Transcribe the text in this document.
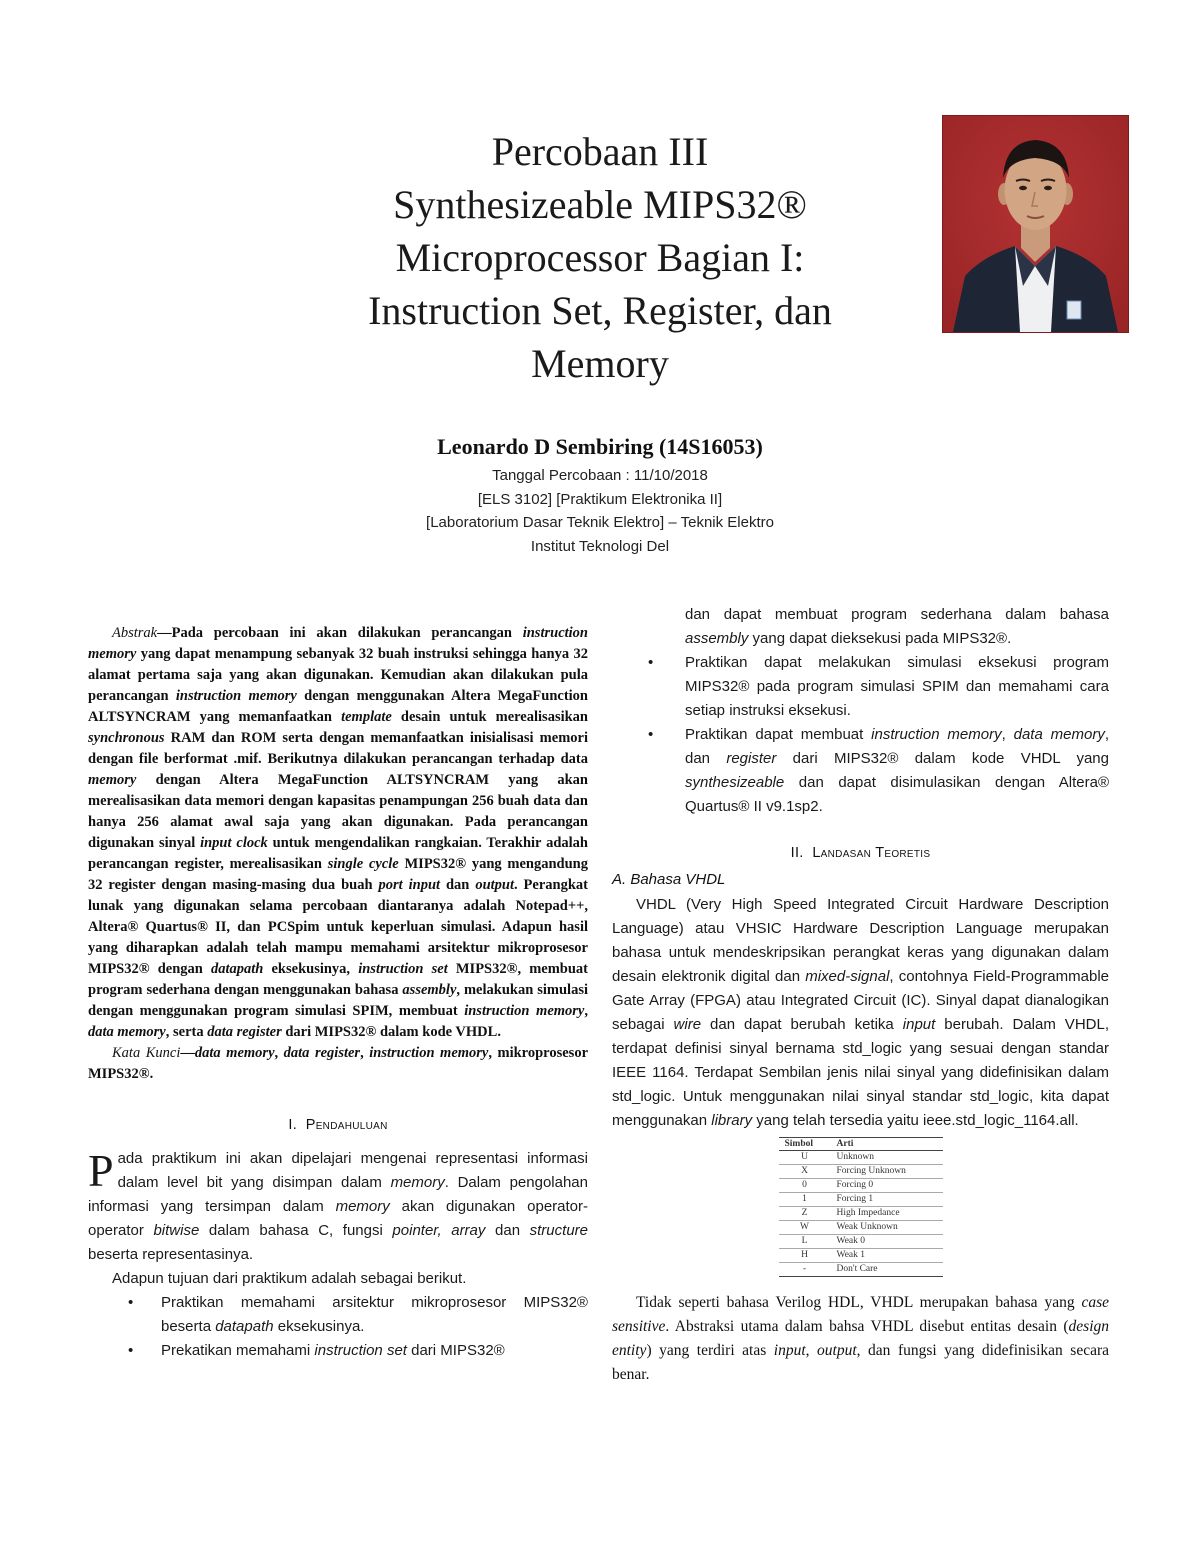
Percobaan III
Synthesizeable MIPS32®
Microprocessor Bagian I:
Instruction Set, Register, dan
Memory
Leonardo D Sembiring (14S16053)
Tanggal Percobaan : 11/10/2018
[ELS 3102] [Praktikum Elektronika II]
[Laboratorium Dasar Teknik Elektro] – Teknik Elektro
Institut Teknologi Del

Abstrak—Pada percobaan ini akan dilakukan perancangan instruction memory yang dapat menampung sebanyak 32 buah instruksi sehingga hanya 32 alamat pertama saja yang akan digunakan. Kemudian akan dilakukan pula perancangan instruction memory dengan menggunakan Altera MegaFunction ALTSYNCRAM yang memanfaatkan template desain untuk merealisasikan synchronous RAM dan ROM serta dengan memanfaatkan inisialisasi memori dengan file berformat .mif. Berikutnya dilakukan perancangan terhadap data memory dengan Altera MegaFunction ALTSYNCRAM yang akan merealisasikan data memori dengan kapasitas penampungan 256 buah data dan hanya 256 alamat awal saja yang akan digunakan. Pada perancangan digunakan sinyal input clock untuk mengendalikan rangkaian. Terakhir adalah perancangan register, merealisasikan single cycle MIPS32® yang mengandung 32 register dengan masing-masing dua buah port input dan output. Perangkat lunak yang digunakan selama percobaan diantaranya adalah Notepad++, Altera® Quartus® II, dan PCSpim untuk keperluan simulasi. Adapun hasil yang diharapkan adalah telah mampu memahami arsitektur mikroprosesor MIPS32® dengan datapath eksekusinya, instruction set MIPS32®, membuat program sederhana dengan menggunakan bahasa assembly, melakukan simulasi dengan menggunakan program simulasi SPIM, membuat instruction memory, data memory, serta data register dari MIPS32® dalam kode VHDL.

Kata Kunci—data memory, data register, instruction memory, mikroprosesor MIPS32®.

I. Pendahuluan

Pada praktikum ini akan dipelajari mengenai representasi informasi dalam level bit yang disimpan dalam memory. Dalam pengolahan informasi yang tersimpan dalam memory akan digunakan operator-operator bitwise dalam bahasa C, fungsi pointer, array dan structure beserta representasinya.

Adapun tujuan dari praktikum adalah sebagai berikut.

• Praktikan memahami arsitektur mikroprosesor MIPS32® beserta datapath eksekusinya.
• Prekatikan memahami instruction set dari MIPS32®

dan dapat membuat program sederhana dalam bahasa assembly yang dapat dieksekusi pada MIPS32®.

• Praktikan dapat melakukan simulasi eksekusi program MIPS32® pada program simulasi SPIM dan memahami cara setiap instruksi eksekusi.
• Praktikan dapat membuat instruction memory, data memory, dan register dari MIPS32® dalam kode VHDL yang synthesizeable dan dapat disimulasikan dengan Altera® Quartus® II v9.1sp2.
II. Landasan Teoretis
A. Bahasa VHDL

VHDL (Very High Speed Integrated Circuit Hardware Description Language) atau VHSIC Hardware Description Language merupakan bahasa untuk mendeskripsikan perangkat keras yang digunakan dalam desain elektronik digital dan mixed-signal, contohnya Field-Programmable Gate Array (FPGA) atau Integrated Circuit (IC). Sinyal dapat dianalogikan sebagai wire dan dapat berubah ketika input berubah. Dalam VHDL, terdapat definisi sinyal bernama std_logic yang sesuai dengan standar IEEE 1164. Terdapat Sembilan jenis nilai sinyal yang didefinisikan dalam std_logic. Untuk menggunakan nilai sinyal standar std_logic, kita dapat menggunakan library yang telah tersedia yaitu ieee.std_logic_1164.all.

Simbol	Arti
U	Unknown
X	Forcing Unknown
0	Forcing 0
1	Forcing 1
Z	High Impedance
W	Weak Unknown
L	Weak 0
H	Weak 1
-	Don't Care

Tidak seperti bahasa Verilog HDL, VHDL merupakan bahasa yang case sensitive. Abstraksi utama dalam bahsa VHDL disebut entitas desain (design entity) yang terdiri atas input, output, dan fungsi yang didefinisikan secara benar.
